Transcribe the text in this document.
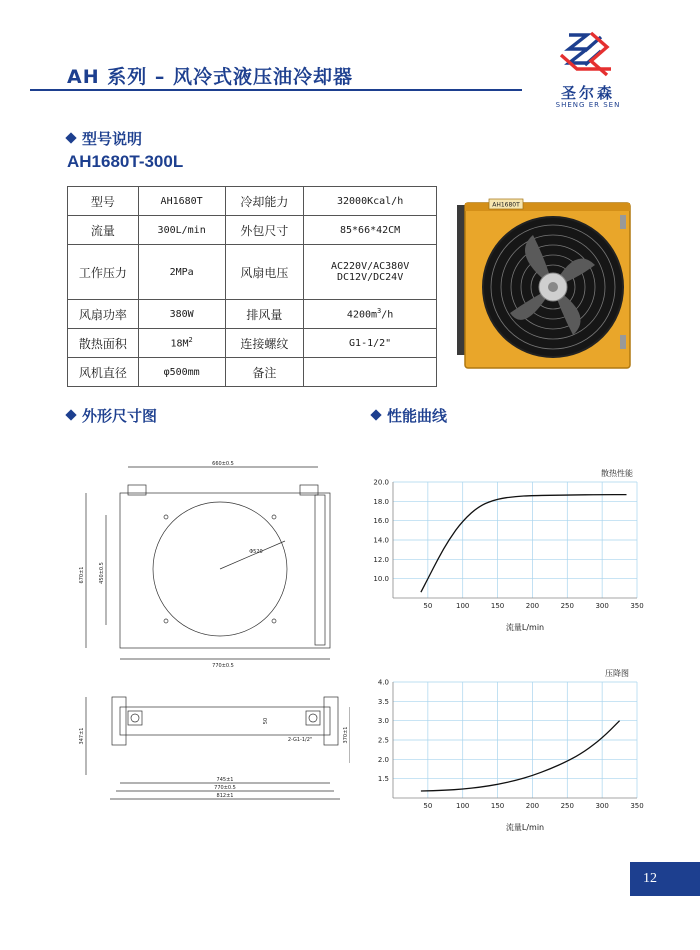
AH 系列 – 风冷式液压油冷却器
圣尔森
SHENG ER SEN
型号说明
AH1680T-300L
型号	AH1680T	冷却能力	32000Kcal/h
流量	300L/min	外包尺寸	85*66*42CM
工作压力	2MPa	风扇电压	AC220V/AC380V
DC12V/DC24V

风扇功率	380W	排风量	$4200m^3/h$
散热面积	$18M^2$	连接螺纹	G1-1/2"
风机直径	φ500mm	备注	
AH1680T
外形尺寸图	性能曲线
660±0.5
Φ520
670±1	450±0.5
770±0.5
50
2-G1-1/2"
347±1	370±1
745±1
770±0.5
812±1
50	100	150	200	250	300	350
10.0
12.0
14.0
16.0
18.0
20.0
散热性能
流量L/min
50	100	150	200	250	300	350
1.5
2.0
2.5
3.0
3.5
4.0
压降图
流量L/min
12
